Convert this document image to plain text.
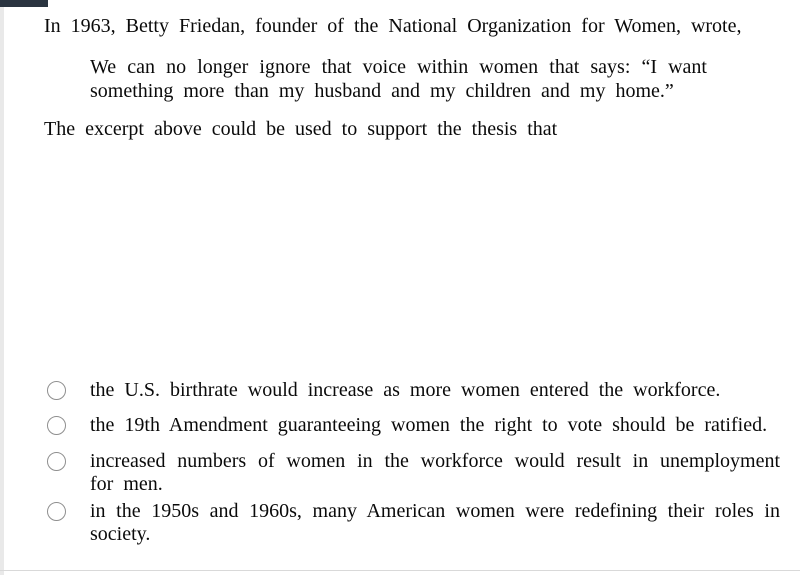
In 1963, Betty Friedan, founder of the National Organization for Women, wrote,

We can no longer ignore that voice within women that says: “I want something more than my husband and my children and my home.”

The excerpt above could be used to support the thesis that

the U.S. birthrate would increase as more women entered the workforce.
the 19th Amendment guaranteeing women the right to vote should be ratified.
increased numbers of women in the workforce would result in unemployment for men.
in the 1950s and 1960s, many American women were redefining their roles in society.
